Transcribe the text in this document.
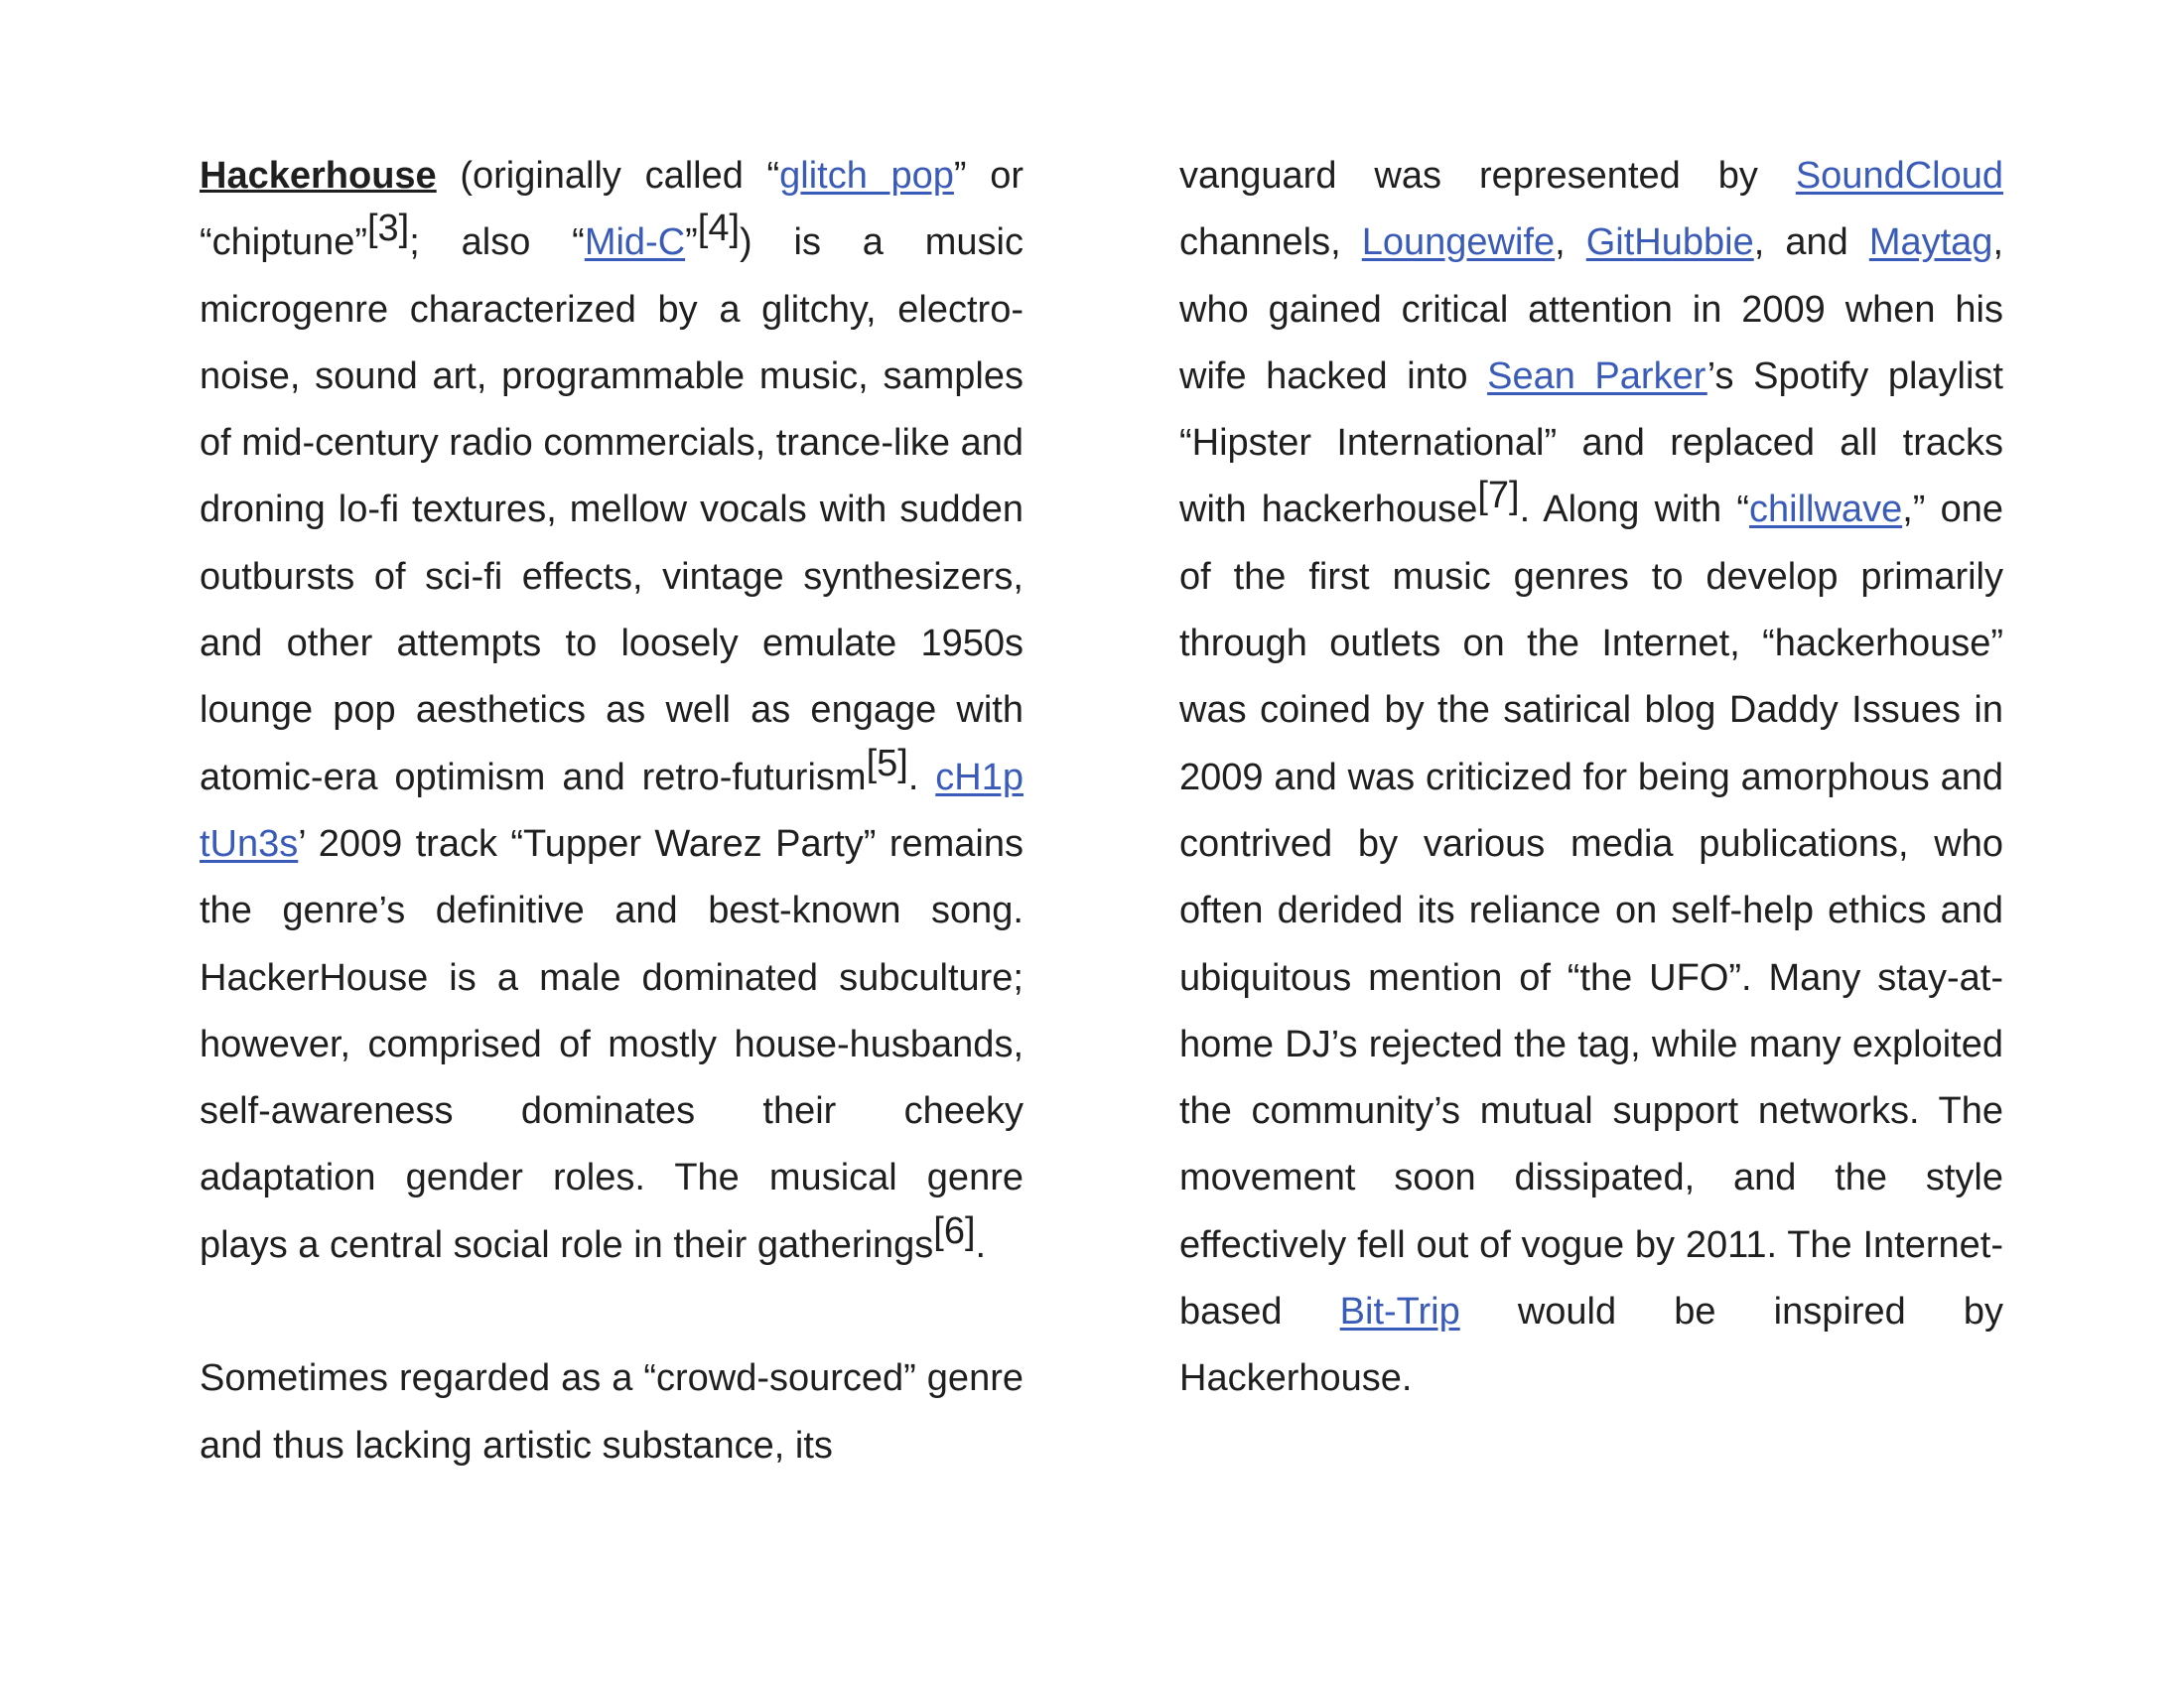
Hackerhouse (originally called “glitch pop” or “chiptune”[3]; also “Mid-C”[4]) is a music microgenre characterized by a glitchy, electro-noise, sound art, programmable music, samples of mid-century radio commercials, trance-like and droning lo-fi textures, mellow vocals with sudden outbursts of sci-fi effects, vintage synthesizers, and other attempts to loosely emulate 1950s lounge pop aesthetics as well as engage with atomic-era optimism and retro-futurism[5]. cH1p tUn3s’ 2009 track “Tupper Warez Party” remains the genre’s definitive and best-known song. HackerHouse is a male dominated subculture; however, comprised of mostly house-husbands, self-awareness dominates their cheeky adaptation gender roles. The musical genre plays a central social role in their gatherings[6].

Sometimes regarded as a “crowd-sourced” genre and thus lacking artistic substance, its

vanguard was represented by SoundCloud channels, Loungewife, GitHubbie, and Maytag, who gained critical attention in 2009 when his wife hacked into Sean Parker’s Spotify playlist “Hipster International” and replaced all tracks with hackerhouse[7]. Along with “chillwave,” one of the first music genres to develop primarily through outlets on the Internet, “hackerhouse” was coined by the satirical blog Daddy Issues in 2009 and was criticized for being amorphous and contrived by various media publications, who often derided its reliance on self-help ethics and ubiquitous mention of “the UFO”. Many stay-at-home DJ’s rejected the tag, while many exploited the community’s mutual support networks. The movement soon dissipated, and the style effectively fell out of vogue by 2011. The Internet-based Bit-Trip would be inspired by Hackerhouse.
